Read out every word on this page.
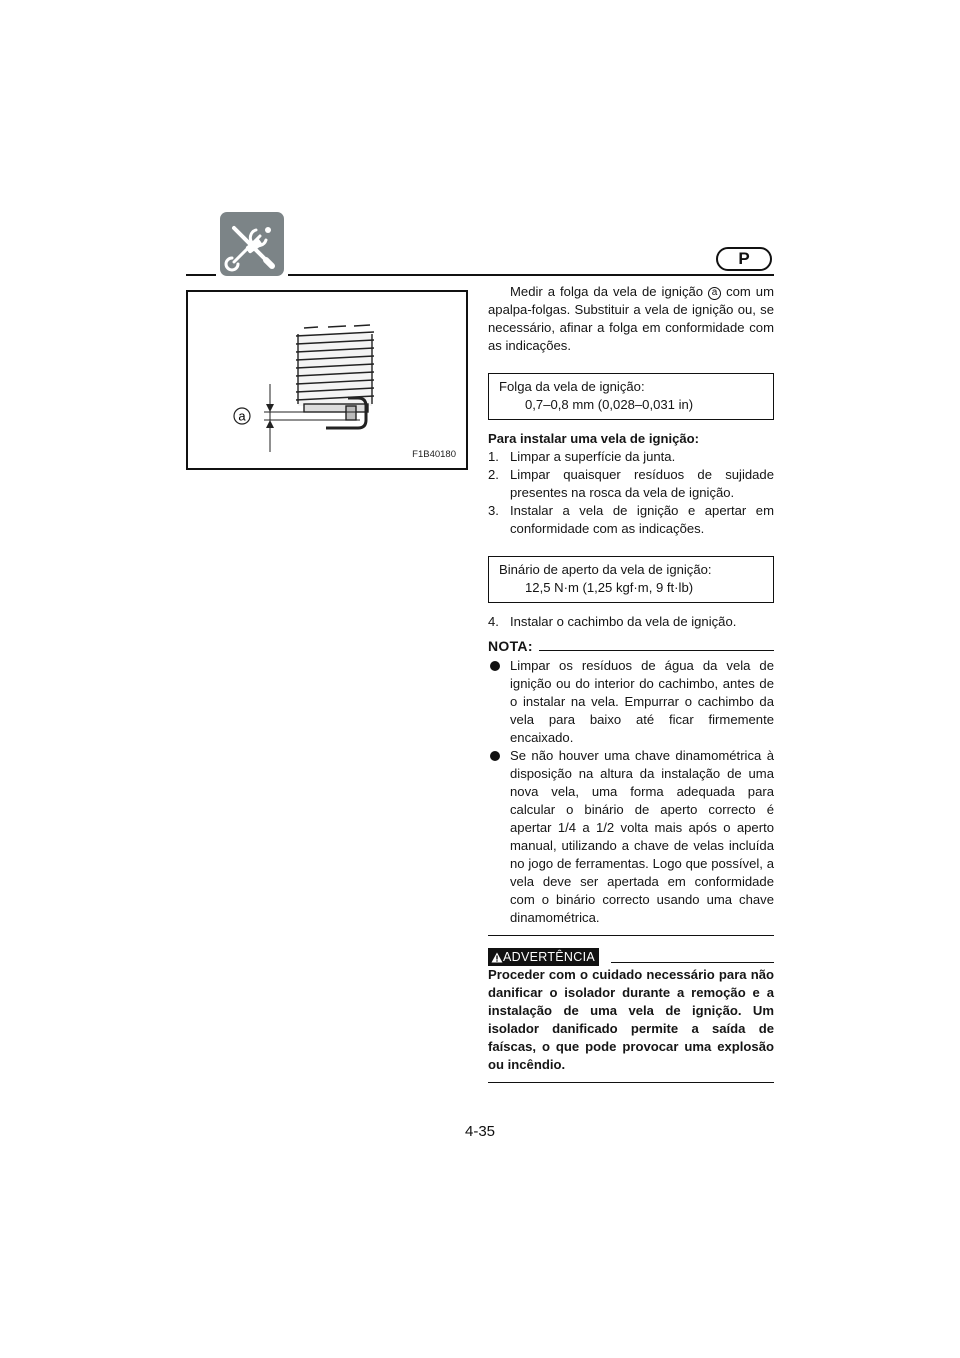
P
a
F1B40180

Medir a folga da vela de ignição a com um apalpa-folgas. Substituir a vela de ignição ou, se necessário, afinar a folga em conformidade com as indicações.

Folga da vela de ignição:
0,7–0,8 mm (0,028–0,031 in)

Para instalar uma vela de ignição:

1. Limpar a superfície da junta.
2. Limpar quaisquer resíduos de sujidade presentes na rosca da vela de ignição.
3. Instalar a vela de ignição e apertar em conformidade com as indicações.
Binário de aperto da vela de ignição:
12,5 N·m (1,25 kgf·m, 9 ft·lb)
4. Instalar o cachimbo da vela de ignição.
NOTA:
Limpar os resíduos de água da vela de ignição ou do interior do cachimbo, antes de o instalar na vela. Empurrar o cachimbo da vela para baixo até ficar firmemente encaixado.
Se não houver uma chave dinamométrica à disposição na altura da instalação de uma nova vela, uma forma adequada para calcular o binário de aperto correcto é apertar 1/4 a 1/2 volta mais após o aperto manual, utilizando a chave de velas incluída no jogo de ferramentas. Logo que possível, a vela deve ser apertada em conformidade com o binário correcto usando uma chave dinamométrica.
ADVERTÊNCIA

Proceder com o cuidado necessário para não danificar o isolador durante a remoção e a instalação de uma vela de ignição. Um isolador danificado permite a saída de faíscas, o que pode provocar uma explosão ou incêndio.

4-35
